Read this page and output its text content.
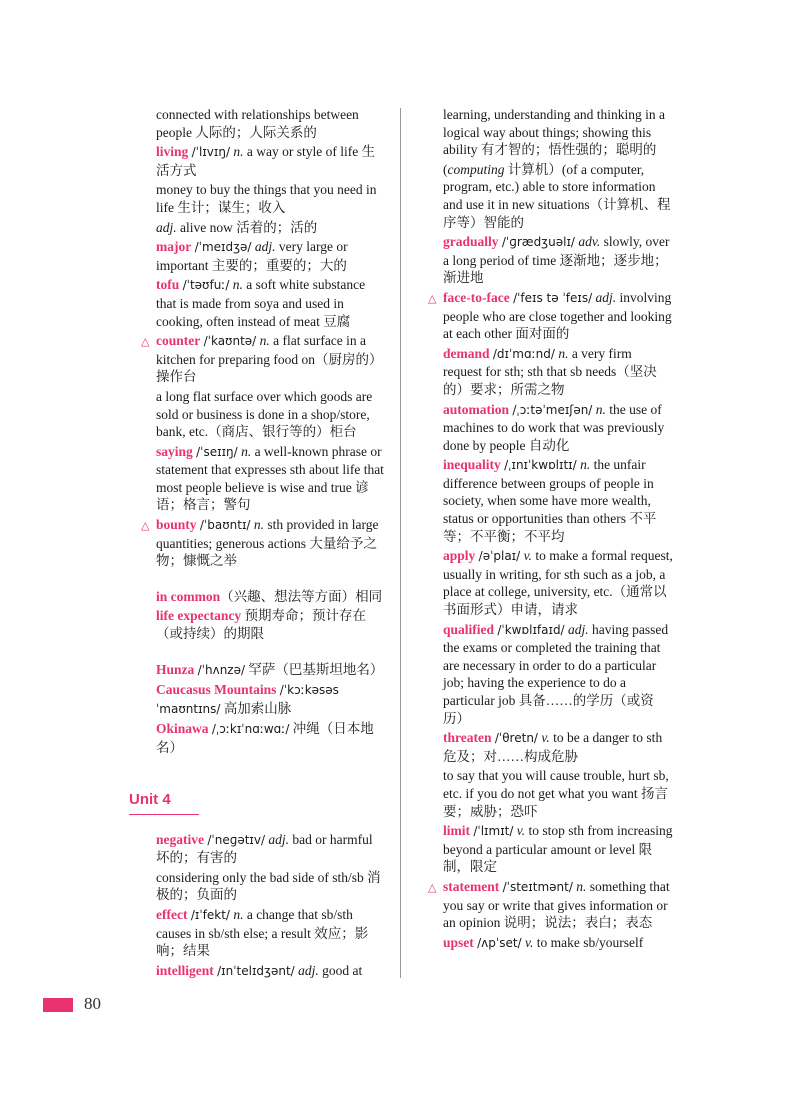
connected with relationships between people 人际的；人际关系的
living /ˈlɪvɪŋ/ n. a way or style of life 生活方式
money to buy the things that you need in life 生计；谋生；收入
adj. alive now 活着的；活的
major /ˈmeɪdʒə/ adj. very large or important 主要的；重要的；大的
tofu /ˈtəʊfuː/ n. a soft white substance that is made from soya and used in cooking, often instead of meat 豆腐
△ counter /ˈkaʊntə/ n. a flat surface in a kitchen for preparing food on（厨房的）操作台
a long flat surface over which goods are sold or business is done in a shop/store, bank, etc.（商店、银行等的）柜台
saying /ˈseɪɪŋ/ n. a well-known phrase or statement that expresses sth about life that most people believe is wise and true 谚语；格言；警句
△ bounty /ˈbaʊntɪ/ n. sth provided in large quantities; generous actions 大量给予之物；慷慨之举
in common（兴趣、想法等方面）相同
life expectancy 预期寿命；预计存在（或持续）的期限
Hunza /ˈhʌnzə/ 罕萨（巴基斯坦地名）
Caucasus Mountains /ˈkɔːkəsəs ˈmaʊntɪns/ 高加索山脉
Okinawa /ˌɔːkɪˈnɑːwɑː/ 冲绳（日本地名）
Unit 4
negative /ˈneɡətɪv/ adj. bad or harmful 坏的；有害的
considering only the bad side of sth/sb 消极的；负面的
effect /ɪˈfekt/ n. a change that sb/sth causes in sb/sth else; a result 效应；影响；结果
intelligent /ɪnˈtelɪdʒənt/ adj. good at
learning, understanding and thinking in a logical way about things; showing this ability 有才智的；悟性强的；聪明的
(computing 计算机）(of a computer, program, etc.) able to store information and use it in new situations（计算机、程序等）智能的
gradually /ˈɡrædʒuəlɪ/ adv. slowly, over a long period of time 逐渐地；逐步地；渐进地
△ face-to-face /ˈfeɪs tə ˈfeɪs/ adj. involving people who are close together and looking at each other 面对面的
demand /dɪˈmɑːnd/ n. a very firm request for sth; sth that sb needs（坚决的）要求；所需之物
automation /ˌɔːtəˈmeɪʃən/ n. the use of machines to do work that was previously done by people 自动化
inequality /ˌɪnɪˈkwɒlɪtɪ/ n. the unfair difference between groups of people in society, when some have more wealth, status or opportunities than others 不平等；不平衡；不平均
apply /əˈplaɪ/ v. to make a formal request, usually in writing, for sth such as a job, a place at college, university, etc.（通常以书面形式）申请，请求
qualified /ˈkwɒlɪfaɪd/ adj. having passed the exams or completed the training that are necessary in order to do a particular job; having the experience to do a particular job 具备……的学历（或资历）
threaten /ˈθretn/ v. to be a danger to sth 危及；对……构成危胁
to say that you will cause trouble, hurt sb, etc. if you do not get what you want 扬言要；威胁；恐吓
limit /ˈlɪmɪt/ v. to stop sth from increasing beyond a particular amount or level 限制，限定
△ statement /ˈsteɪtmənt/ n. something that you say or write that gives information or an opinion 说明；说法；表白；表态
upset /ʌpˈset/ v. to make sb/yourself
80
